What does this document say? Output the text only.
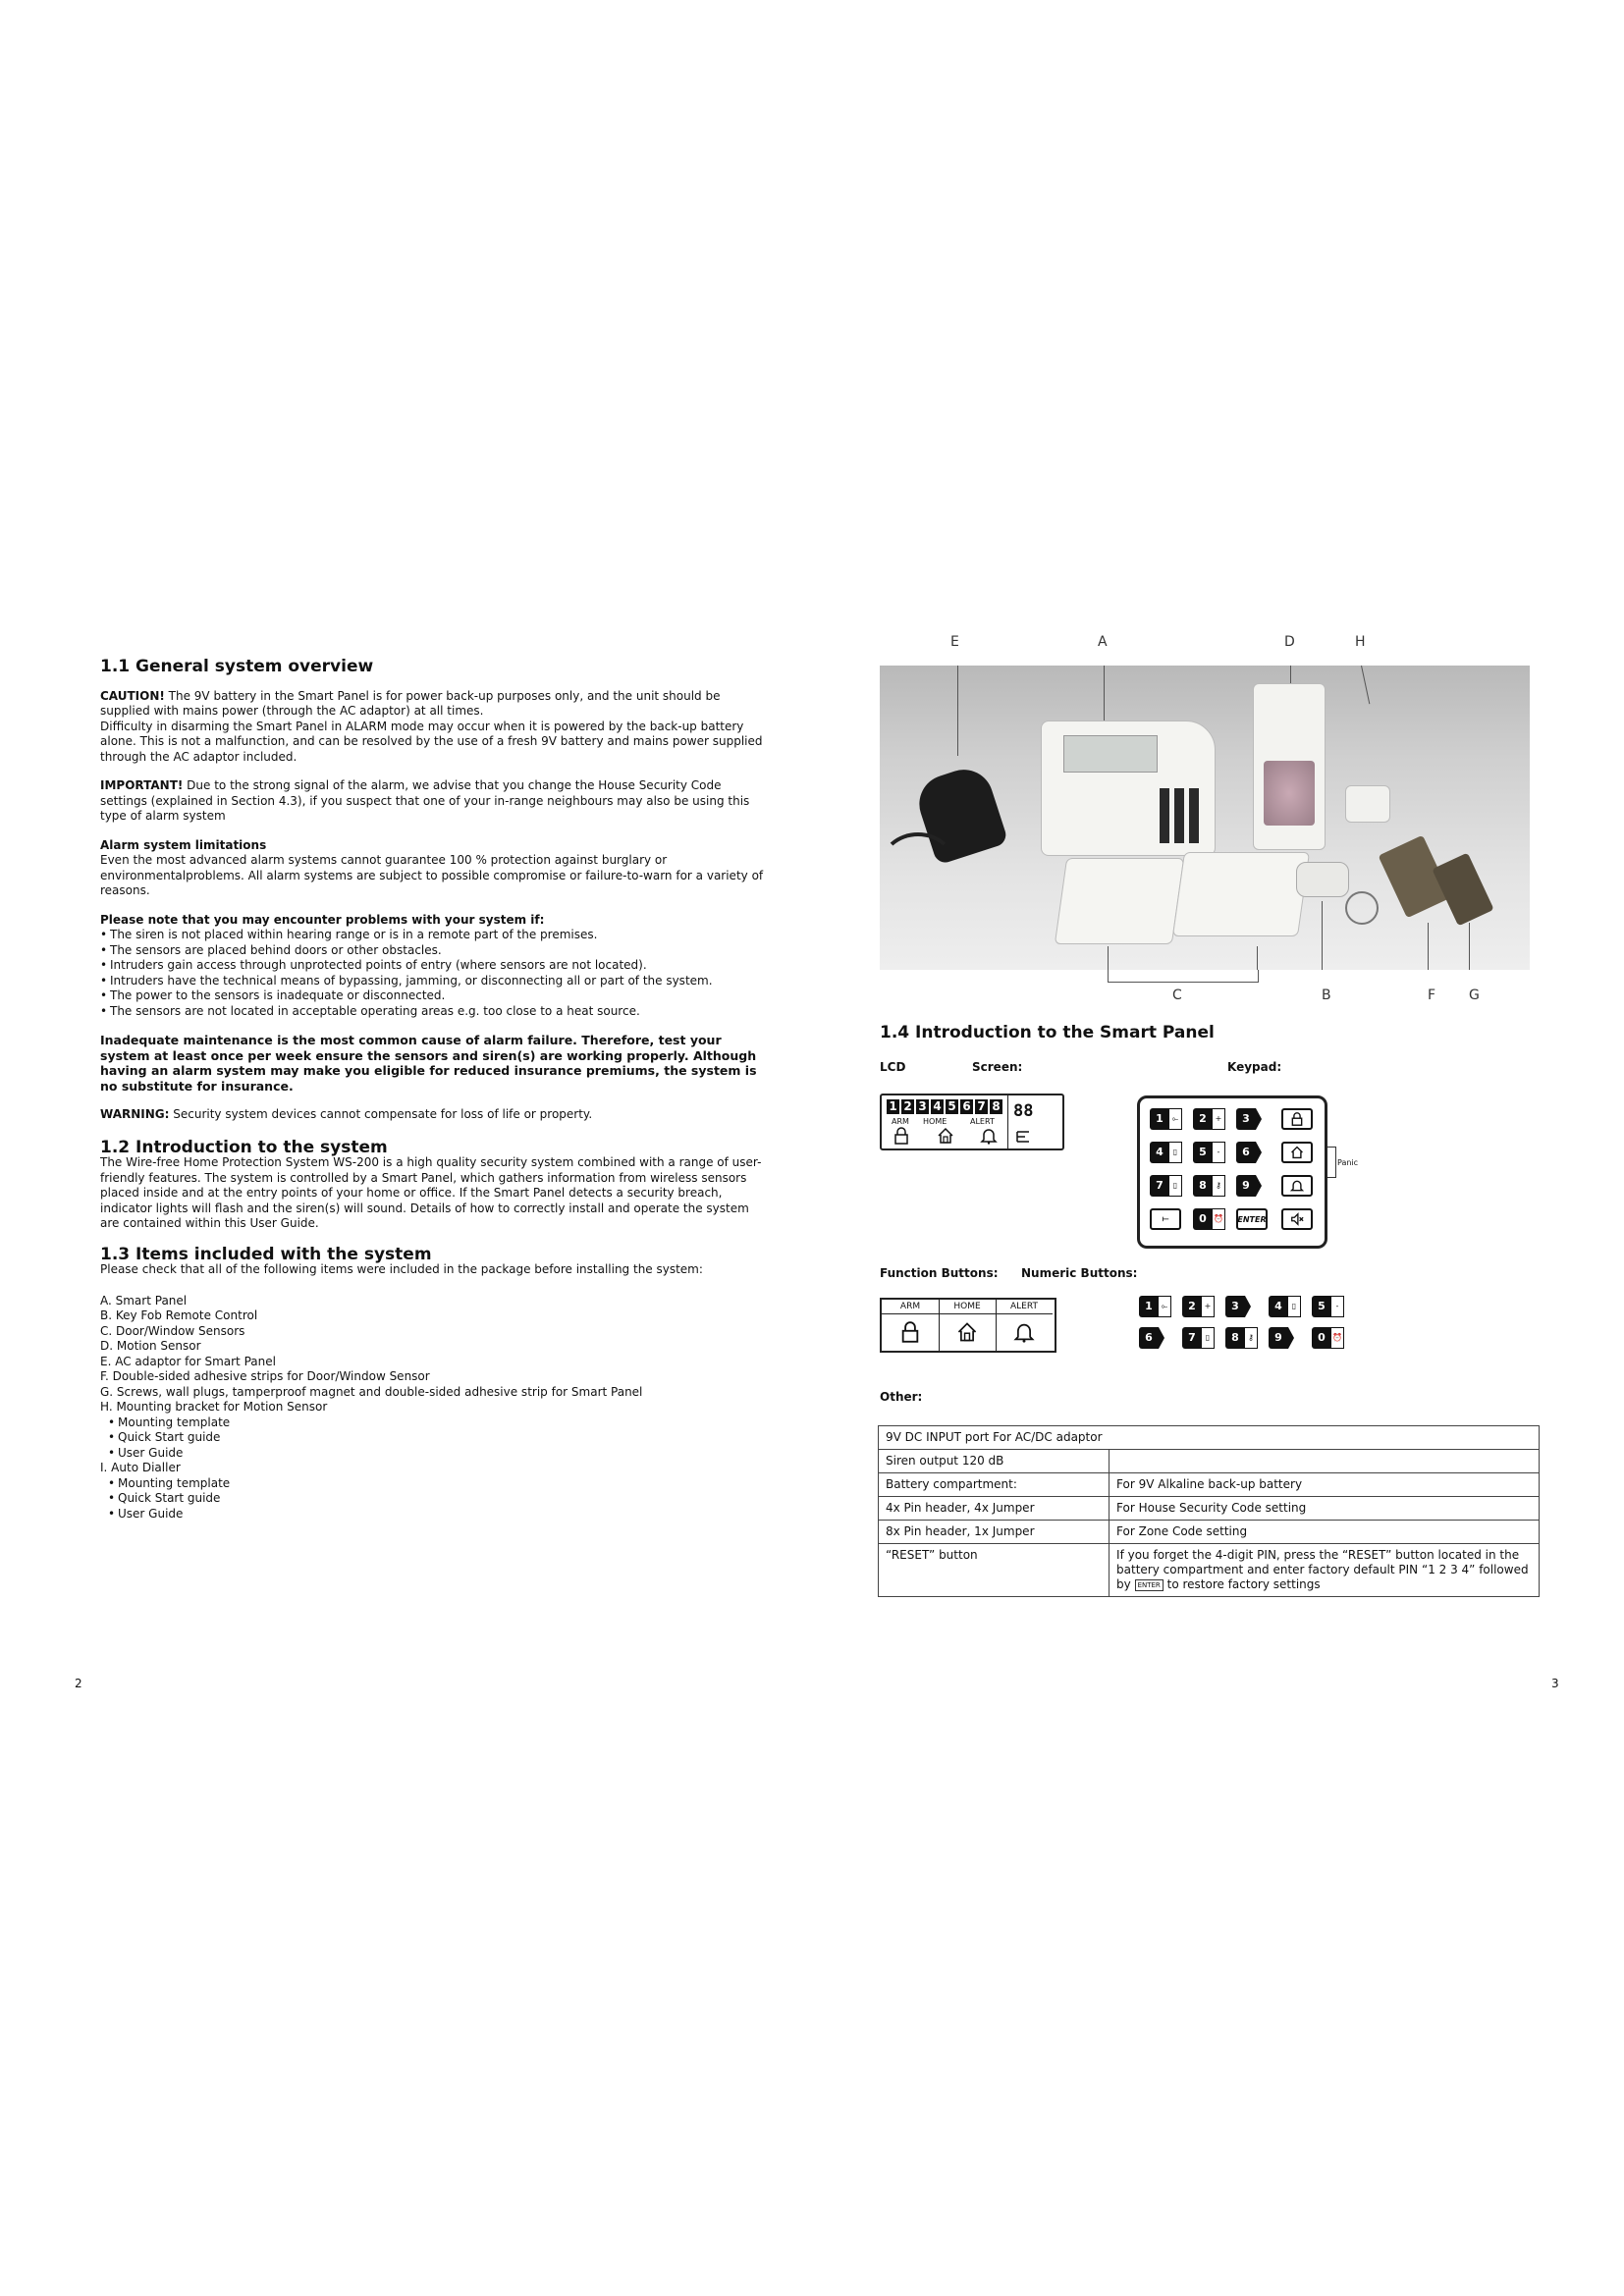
1.1 General system overview

CAUTION! The 9V battery in the Smart Panel is for power back-up purposes only, and the unit should be supplied with mains power (through the AC adaptor) at all times.

Difficulty in disarming the Smart Panel in ALARM mode may occur when it is powered by the back-up battery alone. This is not a malfunction, and can be resolved by the use of a fresh 9V battery and mains power supplied through the AC adaptor included.

IMPORTANT! Due to the strong signal of the alarm, we advise that you change the House Security Code settings (explained in Section 4.3), if you suspect that one of your in-range neighbours may also be using this type of alarm system

Alarm system limitations

Even the most advanced alarm systems cannot guarantee 100 % protection against burglary or environmentalproblems. All alarm systems are subject to possible compromise or failure-to-warn for a variety of reasons.

Please note that you may encounter problems with your system if:

• The siren is not placed within hearing range or is in a remote part of the premises.
• The sensors are placed behind doors or other obstacles.
• Intruders gain access through unprotected points of entry (where sensors are not located).
• Intruders have the technical means of bypassing, jamming, or disconnecting all or part of the system.
• The power to the sensors is inadequate or disconnected.
• The sensors are not located in acceptable operating areas e.g. too close to a heat source.

Inadequate maintenance is the most common cause of alarm failure. Therefore, test your system at least once per week ensure the sensors and siren(s) are working properly. Although having an alarm system may make you eligible for reduced insurance premiums, the system is no substitute for insurance.

WARNING: Security system devices cannot compensate for loss of life or property.

1.2 Introduction to the system

The Wire-free Home Protection System WS-200 is a high quality security system combined with a range of user-friendly features. The system is controlled by a Smart Panel, which gathers information from wireless sensors placed inside and at the entry points of your home or office. If the Smart Panel detects a security breach, indicator lights will flash and the siren(s) will sound. Details of how to correctly install and operate the system are contained within this User Guide.

1.3 Items included with the system

Please check that all of the following items were included in the package before installing the system:

A. Smart Panel

B. Key Fob Remote Control

C. Door/Window Sensors

D. Motion Sensor

E. AC adaptor for Smart Panel

F. Double-sided adhesive strips for Door/Window Sensor

G. Screws, wall plugs, tamperproof magnet and double-sided adhesive strip for Smart Panel

H. Mounting bracket for Motion Sensor

• Mounting template
• Quick Start guide
• User Guide

I. Auto Dialler

• Mounting template
• Quick Start guide
• User Guide
2
E	A	D	H
C	B	F G
1.4 Introduction to the Smart Panel
LCD	Screen:	Keypad:
1 2 3 4 5 6 7 8 88
ARM HOME	ALERT	1	⟜	2	+	3
4	▯	5	-	6
7	▯	8	⚷	9
⟝	0 ⏰ ENTER
Panic
Function Buttons: Numeric Buttons:
ARM	HOME	ALERT	1	⟜	2	+	3	4	▯	5	-
6	7	▯	8	⚷	9	0 ⏰
Other:
9V DC INPUT port For AC/DC adaptor	
Siren output 120 dB	
Battery compartment:	For 9V Alkaline back-up battery
4x Pin header, 4x Jumper	For House Security Code setting
8x Pin header, 1x Jumper	For Zone Code setting
“RESET” button	If you forget the 4-digit PIN, press the “RESET” button located in the battery compartment and enter factory default PIN “1 2 3 4” followed by ENTER to restore factory settings
3
